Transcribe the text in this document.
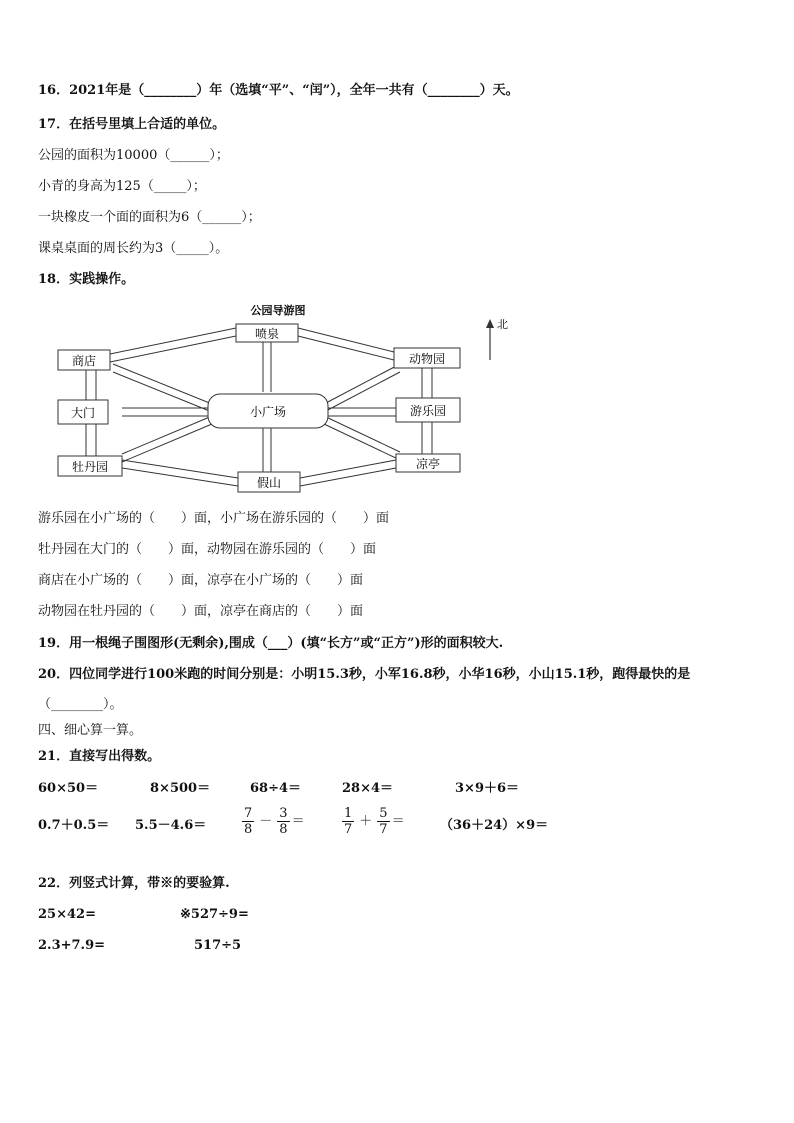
16．2021年是（________）年（选填“平”、“闰”），全年一共有（________）天。
17．在括号里填上合适的单位。
公园的面积为10000（______）；
小青的身高为125（_____）；
一块橡皮一个面的面积为6（______）；
课桌桌面的周长约为3（_____）。
18．实践操作。
公园导游图
喷泉
商店	动物园
大门	小广场	游乐园
牡丹园
假山
凉亭
北
游乐园在小广场的（　　）面，小广场在游乐园的（　　）面
牡丹园在大门的（　　）面，动物园在游乐园的（　　）面
商店在小广场的（　　）面，凉亭在小广场的（　　）面
动物园在牡丹园的（　　）面，凉亭在商店的（　　）面
19．用一根绳子围图形(无剩余),围成（___）(填“长方”或“正方”)形的面积较大.
20．四位同学进行100米跑的时间分别是：小明15.3秒，小军16.8秒，小华16秒，小山15.1秒，跑得最快的是
（________）。
四、细心算一算。
21．直接写出得数。
60×50＝	8×500＝	68÷4＝	28×4＝	3×9＋6＝
0.7＋0.5＝ 5.5－4.6＝	$\frac{7}{8} - \frac{3}{8}$ ＝	$\frac{1}{7} + \frac{5}{7}$ ＝	（36＋24）×9＝
22．列竖式计算，带※的要验算.
25×42=	※527÷9=
2.3+7.9=	517÷5
